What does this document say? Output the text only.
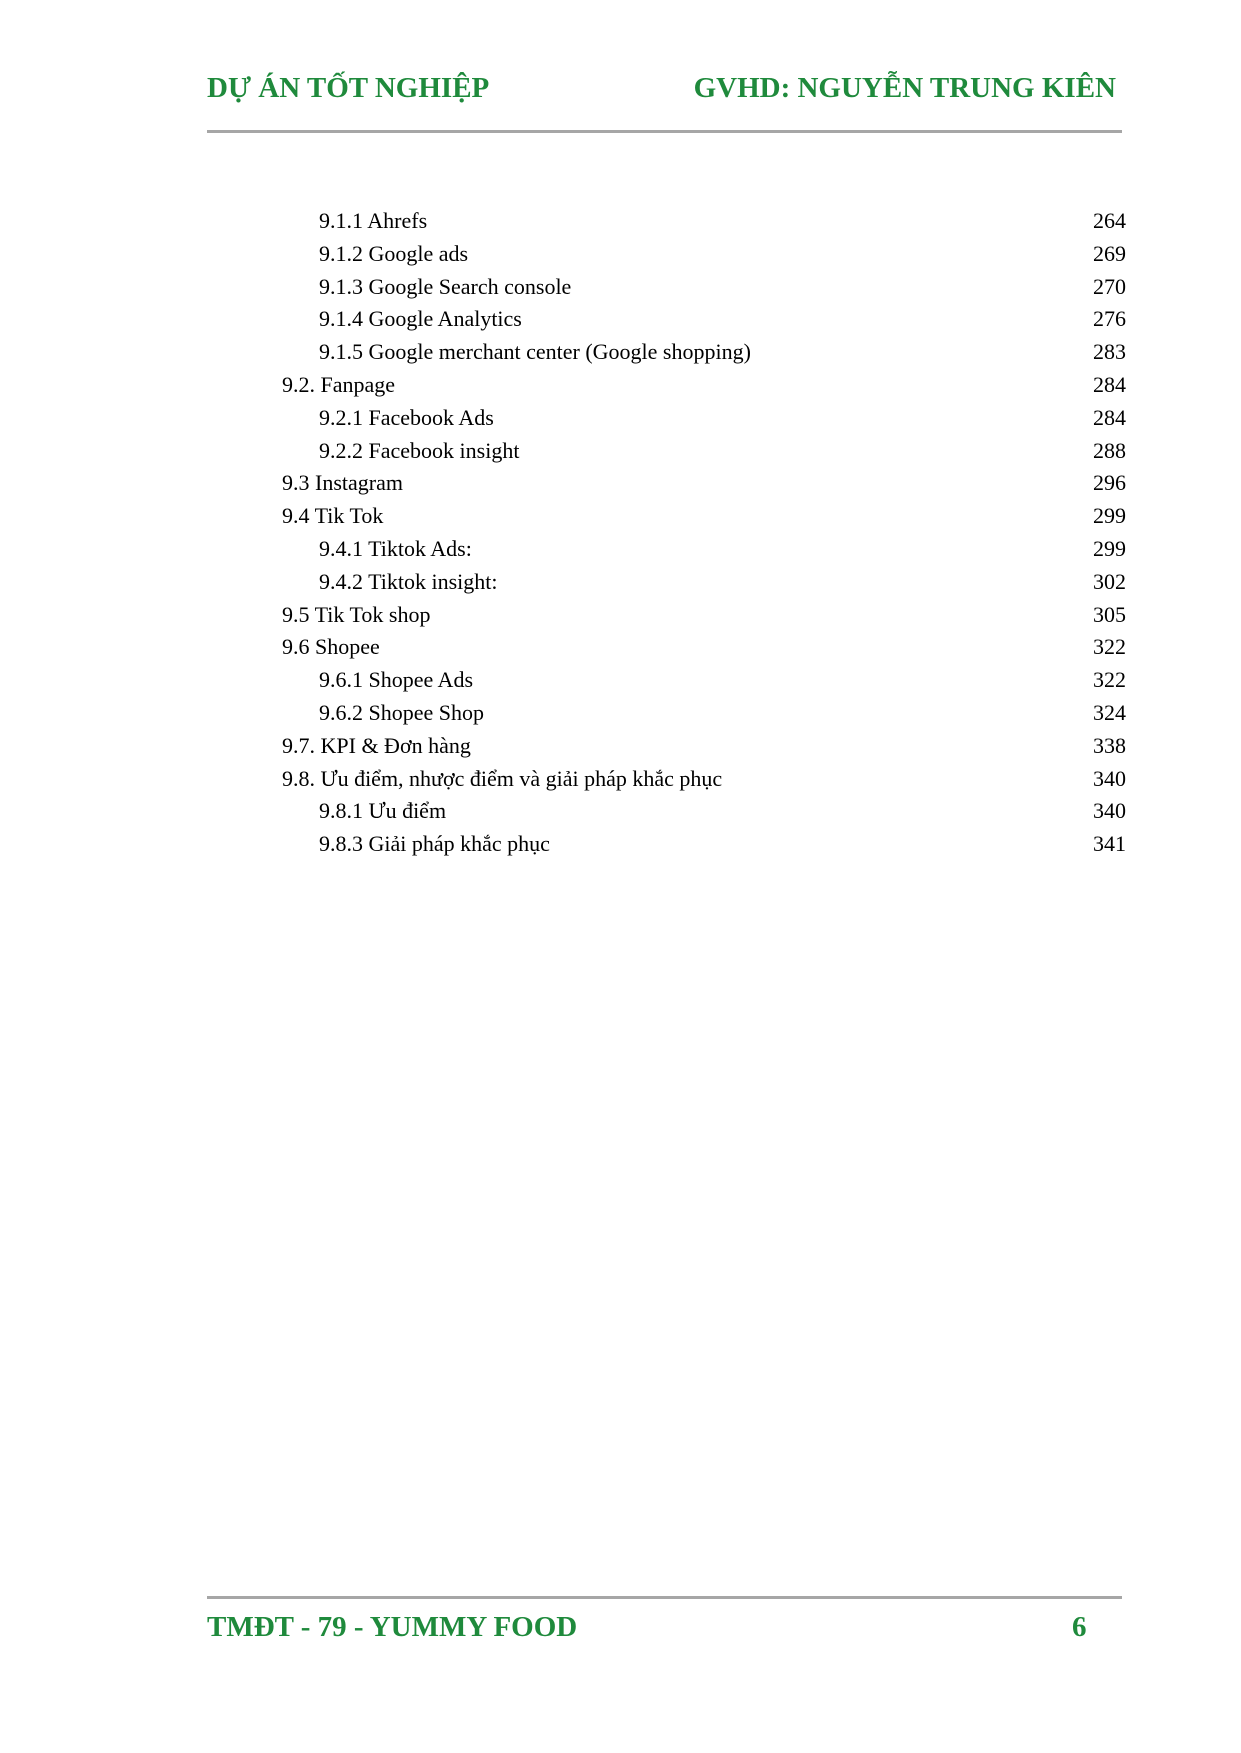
DỰ ÁN TỐT NGHIỆP	GVHD: NGUYỄN TRUNG KIÊN
9.1.1 Ahrefs	264
9.1.2 Google ads	269
9.1.3 Google Search console	270
9.1.4 Google Analytics	276
9.1.5 Google merchant center (Google shopping)	283
9.2. Fanpage	284
9.2.1 Facebook Ads	284
9.2.2 Facebook insight	288
9.3 Instagram	296
9.4 Tik Tok	299
9.4.1 Tiktok Ads:	299
9.4.2 Tiktok insight:	302
9.5 Tik Tok shop	305
9.6 Shopee	322
9.6.1 Shopee Ads	322
9.6.2 Shopee Shop	324
9.7. KPI & Đơn hàng	338
9.8. Ưu điểm, nhược điểm và giải pháp khắc phục	340
9.8.1 Ưu điểm	340
9.8.3 Giải pháp khắc phục	341
TMĐT - 79 - YUMMY FOOD	6
